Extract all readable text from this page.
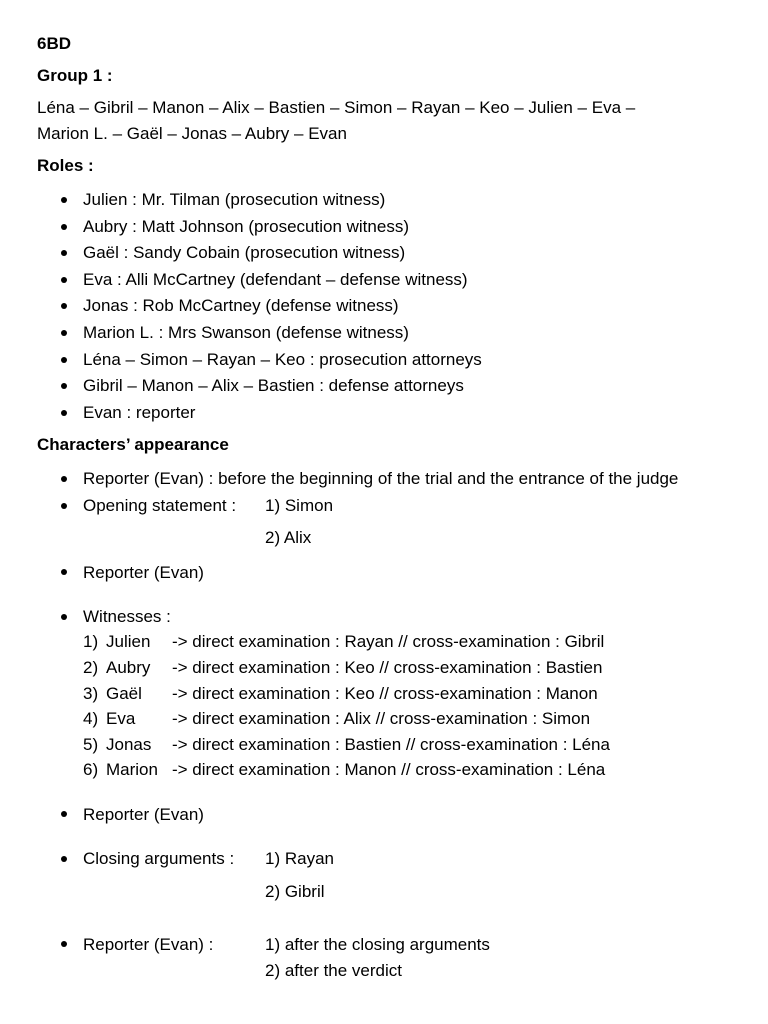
6BD
Group 1 :
Léna – Gibril – Manon – Alix – Bastien – Simon – Rayan – Keo – Julien – Eva –
Marion L. – Gaël – Jonas – Aubry – Evan
Roles :
Julien : Mr. Tilman (prosecution witness)
Aubry : Matt Johnson (prosecution witness)
Gaël : Sandy Cobain (prosecution witness)
Eva : Alli McCartney (defendant – defense witness)
Jonas : Rob McCartney (defense witness)
Marion L. : Mrs Swanson (defense witness)
Léna – Simon – Rayan – Keo : prosecution attorneys
Gibril – Manon – Alix – Bastien : defense attorneys
Evan : reporter
Characters’ appearance
Reporter (Evan) : before the beginning of the trial and the entrance of the judge
Opening statement : 1) Simon
2) Alix
Reporter (Evan)
Witnesses :
1) Julien -> direct examination : Rayan // cross-examination : Gibril
2) Aubry -> direct examination : Keo // cross-examination : Bastien
3) Gaël -> direct examination : Keo // cross-examination : Manon
4) Eva -> direct examination : Alix // cross-examination : Simon
5) Jonas -> direct examination : Bastien // cross-examination : Léna
6) Marion -> direct examination : Manon // cross-examination : Léna
Reporter (Evan)
Closing arguments : 1) Rayan
2) Gibril
Reporter (Evan) :	1) after the closing arguments
2) after the verdict
